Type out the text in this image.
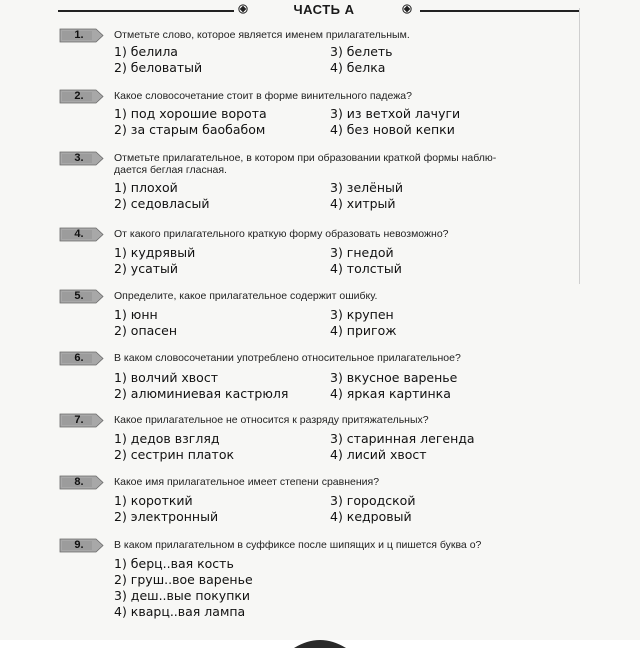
ЧАСТЬ А
1.	Отметьте слово, которое является именем прилагательным.
1) белила
2) беловатый
3) белеть
4) белка
2.	Какое словосочетание стоит в форме винительного падежа?
1) под хорошие ворота
2) за старым баобабом
3) из ветхой лачуги
4) без новой кепки
3.	Отметьте прилагательное, в котором при образовании краткой формы наблю-
дается беглая гласная.
1) плохой
2) седовласый
3) зелёный
4) хитрый
4.	От какого прилагательного краткую форму образовать невозможно?
1) кудрявый
2) усатый
3) гнедой
4) толстый
5.	Определите, какое прилагательное содержит ошибку.
1) юнн
2) опасен
3) крупен
4) пригож
6.	В каком словосочетании употреблено относительное прилагательное?
1) волчий хвост
2) алюминиевая кастрюля
3) вкусное варенье
4) яркая картинка
7.	Какое прилагательное не относится к разряду притяжательных?
1) дедов взгляд
2) сестрин платок
3) старинная легенда
4) лисий хвост
8.	Какое имя прилагательное имеет степени сравнения?
1) короткий
2) электронный
3) городской
4) кедровый
9.	В каком прилагательном в суффиксе после шипящих и ц пишется буква о?
1) берц..вая кость
2) груш..вое варенье
3) деш..вые покупки
4) кварц..вая лампа
